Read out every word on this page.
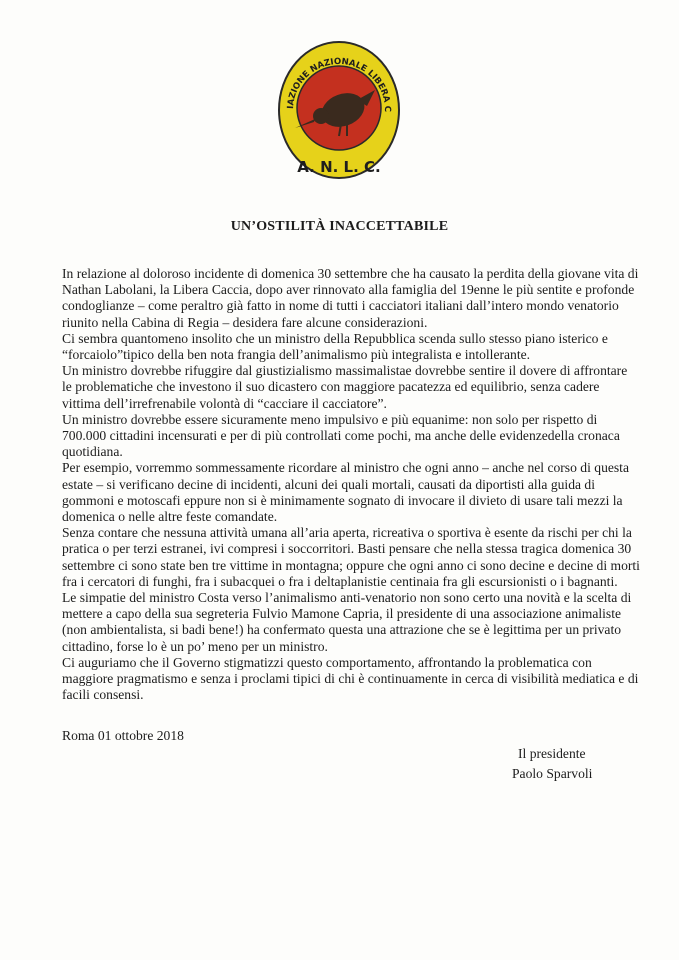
IAZIONE NAZIONALE LIBERA C
A. N. L. C.
UN’OSTILITÀ INACCETTABILE

In relazione al doloroso incidente di domenica 30 settembre che ha causato la perdita della giovane vita di Nathan Labolani, la Libera Caccia, dopo aver rinnovato alla famiglia del 19enne le più sentite e profonde condoglianze – come peraltro già fatto in nome di tutti i cacciatori italiani dall’intero mondo venatorio riunito nella Cabina di Regia – desidera fare alcune considerazioni.

Ci sembra quantomeno insolito che un ministro della Repubblica scenda sullo stesso piano isterico e “forcaiolo”tipico della ben nota frangia dell’animalismo più integralista e intollerante.

Un ministro dovrebbe rifuggire dal giustizialismo massimalistae dovrebbe sentire il dovere di affrontare le problematiche che investono il suo dicastero con maggiore pacatezza ed equilibrio, senza cadere vittima dell’irrefrenabile volontà di “cacciare il cacciatore”.

Un ministro dovrebbe essere sicuramente meno impulsivo e più equanime: non solo per rispetto di 700.000 cittadini incensurati e per di più controllati come pochi, ma anche delle evidenzedella cronaca quotidiana.

Per esempio, vorremmo sommessamente ricordare al ministro che ogni anno – anche nel corso di questa estate – si verificano decine di incidenti, alcuni dei quali mortali, causati da diportisti alla guida di gommoni e motoscafi eppure non si è minimamente sognato di invocare il divieto di usare tali mezzi la domenica o nelle altre feste comandate.

Senza contare che nessuna attività umana all’aria aperta, ricreativa o sportiva è esente da rischi per chi la pratica o per terzi estranei, ivi compresi i soccorritori. Basti pensare che nella stessa tragica domenica 30 settembre ci sono state ben tre vittime in montagna; oppure che ogni anno ci sono decine e decine di morti fra i cercatori di funghi, fra i subacquei o fra i deltaplanistie centinaia fra gli escursionisti o i bagnanti.

Le simpatie del ministro Costa verso l’animalismo anti-venatorio non sono certo una novità e la scelta di mettere a capo della sua segreteria Fulvio Mamone Capria, il presidente di una associazione animaliste (non ambientalista, si badi bene!) ha confermato questa una attrazione che se è legittima per un privato cittadino, forse lo è un po’ meno per un ministro.

Ci auguriamo che il Governo stigmatizzi questo comportamento, affrontando la problematica con maggiore pragmatismo e senza i proclami tipici di chi è continuamente in cerca di visibilità mediatica e di facili consensi.

Roma 01 ottobre 2018
Il presidente
Paolo Sparvoli
